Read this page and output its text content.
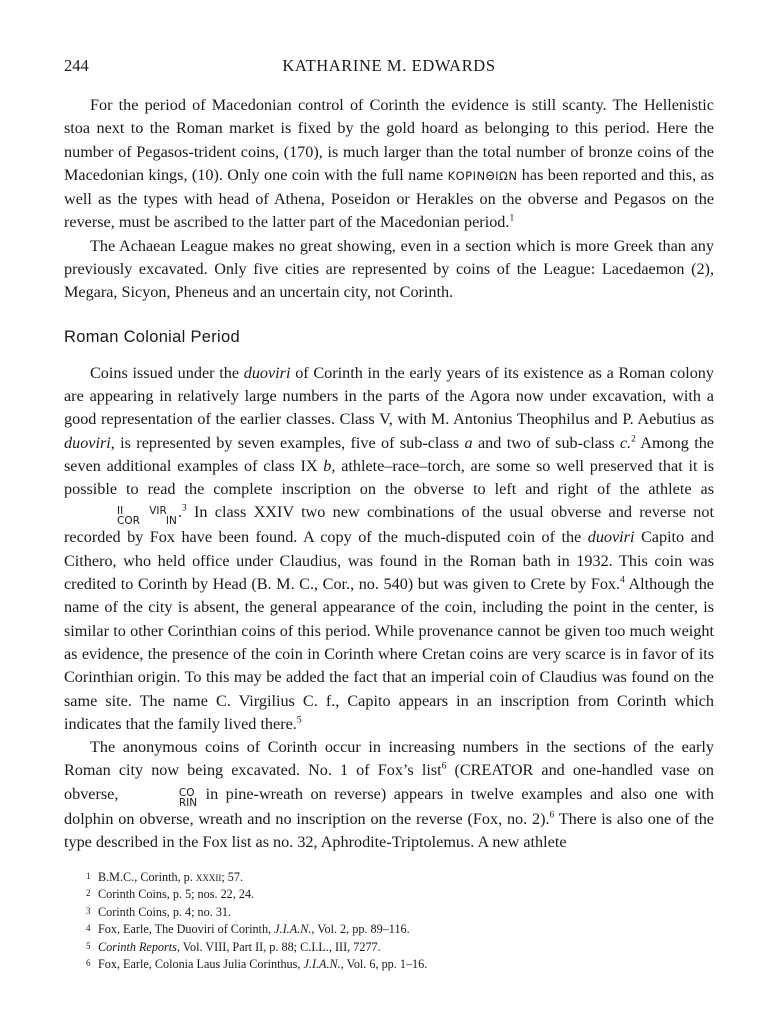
244	KATHARINE M. EDWARDS

For the period of Macedonian control of Corinth the evidence is still scanty. The Hellenistic stoa next to the Roman market is fixed by the gold hoard as belonging to this period. Here the number of Pegasos-trident coins, (170), is much larger than the total number of bronze coins of the Macedonian kings, (10). Only one coin with the full name ΚΟΡΙΝΘΙΩΝ has been reported and this, as well as the types with head of Athena, Poseidon or Herakles on the obverse and Pegasos on the reverse, must be ascribed to the latter part of the Macedonian period.$^1$

The Achaean League makes no great showing, even in a section which is more Greek than any previously excavated. Only five cities are represented by coins of the League: Lacedaemon (2), Megara, Sicyon, Pheneus and an uncertain city, not Corinth.

Roman Colonial Period

Coins issued under the duoviri of Corinth in the early years of its existence as a Roman colony are appearing in relatively large numbers in the parts of the Agora now under excavation, with a good representation of the earlier classes. Class V, with M. Antonius Theophilus and P. Aebutius as duoviri, is represented by seven examples, five of sub-class a and two of sub-class c.$^2$ Among the seven additional examples of class IX b, athlete–race–torch, are some so well preserved that it is possible to read the complete inscription on the obverse to left and right of the athlete as
II VIR
COR IN .$^3$ In class XXIV two new combinations of the usual obverse and reverse not recorded by Fox have been found. A copy of the much-disputed coin of the duoviri Capito and Cithero, who held office under Claudius, was found in the Roman bath in 1932. This coin was credited to Corinth by Head (B. M. C., Cor., no. 540) but was given to Crete by Fox.$^4$ Although the name of the city is absent, the general appearance of the coin, including the point in the center, is similar to other Corinthian coins of this period. While provenance cannot be given too much weight as evidence, the presence of the coin in Corinth where Cretan coins are very scarce is in favor of its Corinthian origin. To this may be added the fact that an imperial coin of Claudius was found on the same site. The name C. Virgilius C. f., Capito appears in an inscription from Corinth which indicates that the family lived there.$^5$

The anonymous coins of Corinth occur in increasing numbers in the sections of the early Roman city now being excavated. No. 1 of Fox’s list$^6$ (CREATOR and one-handled vase on obverse,	CO
RIN in pine-wreath on reverse) appears in twelve examples and also one with dolphin on obverse, wreath and no inscription on the reverse (Fox, no. 2).$^6$ There is also one of the type described in the Fox list as no. 32, Aphrodite-Triptolemus. A new athlete

1 B.M.C., Corinth, p. xxxii; 57.

2 Corinth Coins, p. 5; nos. 22, 24.

3 Corinth Coins, p. 4; no. 31.

4 Fox, Earle, The Duoviri of Corinth, J.I.A.N., Vol. 2, pp. 89–116.

5 Corinth Reports, Vol. VIII, Part II, p. 88; C.I.L., III, 7277.

6 Fox, Earle, Colonia Laus Julia Corinthus, J.I.A.N., Vol. 6, pp. 1–16.
